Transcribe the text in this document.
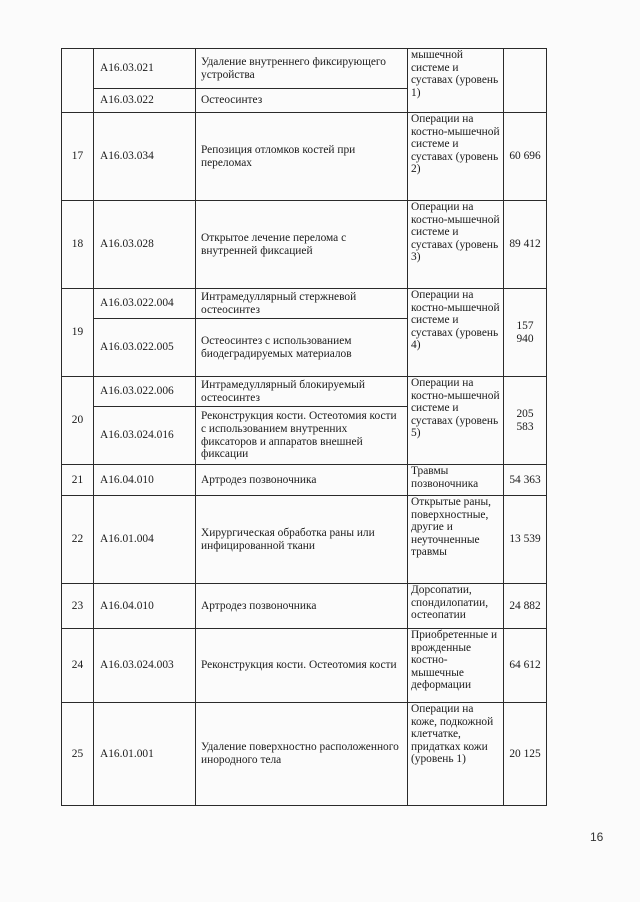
	A16.03.021	Удаление внутреннего фиксирующего устройства	мышечной системе и суставах (уровень 1)	
	A16.03.022	Остеосинтез		
17	A16.03.034	Репозиция отломков костей при переломах	Операции на костно-мышечной системе и суставах (уровень 2)	60 696
18	A16.03.028	Открытое лечение перелома с внутренней фиксацией	Операции на костно-мышечной системе и суставах (уровень 3)	89 412
19	A16.03.022.004	Интрамедуллярный стержневой остеосинтез	Операции на костно-мышечной системе и суставах (уровень 4)	157 940
	A16.03.022.005	Остеосинтез с использованием биодеградируемых материалов		
20	A16.03.022.006	Интрамедуллярный блокируемый остеосинтез	Операции на костно-мышечной системе и суставах (уровень 5)	205 583
	A16.03.024.016	Реконструкция кости. Остеотомия кости с использованием внутренних фиксаторов и аппаратов внешней фиксации		
21	A16.04.010	Артродез позвоночника	Травмы позвоночника	54 363
22	A16.01.004	Хирургическая обработка раны или инфицированной ткани	Открытые раны, поверхностные, другие и неуточненные травмы	13 539
23	A16.04.010	Артродез позвоночника	Дорсопатии, спондилопатии, остеопатии	24 882
24	A16.03.024.003	Реконструкция кости. Остеотомия кости	Приобретенные и врожденные костно-мышечные деформации	64 612
25	A16.01.001	Удаление поверхностно расположенного инородного тела	Операции на коже, подкожной клетчатке, придатках кожи (уровень 1)	20 125
16
